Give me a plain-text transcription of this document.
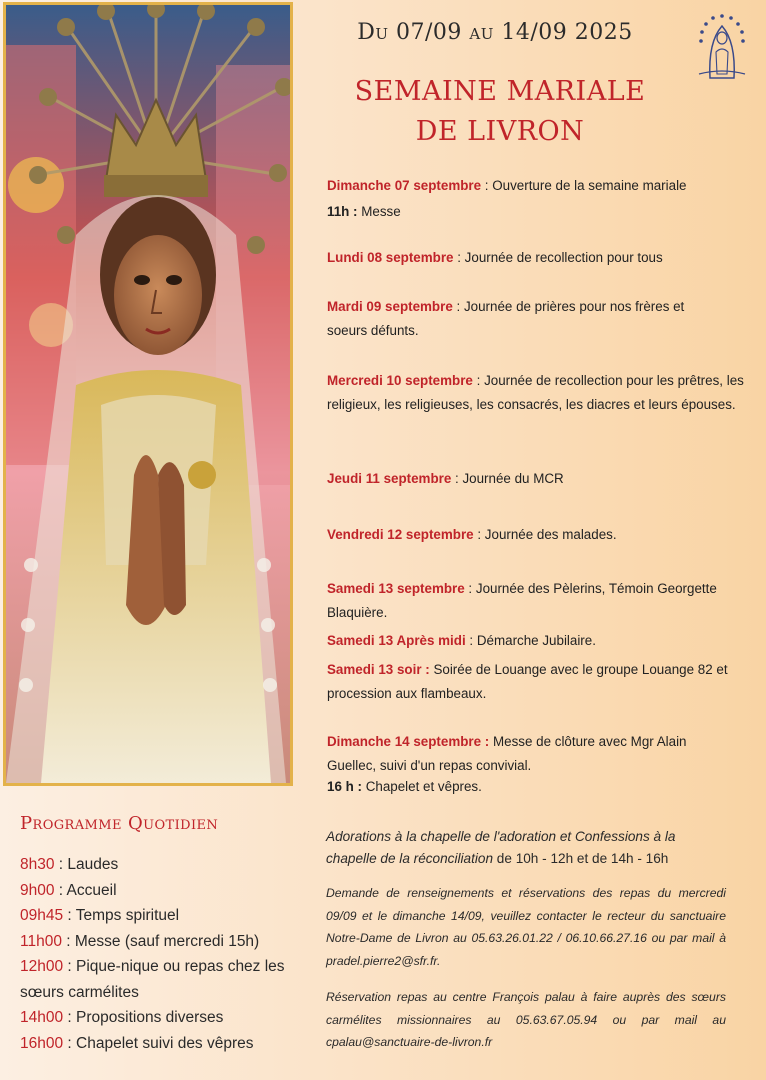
Du 07/09 au 14/09 2025
SEMAINE MARIALE
DE LIVRON
Dimanche 07 septembre : Ouverture de la semaine mariale
11h : Messe
Lundi 08 septembre : Journée de recollection pour tous
Mardi 09 septembre : Journée de prières pour nos frères et soeurs défunts.
Mercredi 10 septembre : Journée de recollection pour les prêtres, les religieux, les religieuses, les consacrés, les diacres et leurs épouses.
Jeudi 11 septembre : Journée du MCR
Vendredi 12 septembre : Journée des malades.
Samedi 13 septembre : Journée des Pèlerins, Témoin Georgette Blaquière.
Samedi 13 Après midi : Démarche Jubilaire.
Samedi 13 soir : Soirée de Louange avec le groupe Louange 82 et procession aux flambeaux.
Dimanche 14 septembre : Messe de clôture avec Mgr Alain Guellec, suivi d'un repas convivial.
16 h : Chapelet et vêpres.
Programme Quotidien
8h30 : Laudes
9h00 : Accueil
09h45 : Temps spirituel
11h00 : Messe (sauf mercredi 15h)
12h00 : Pique-nique ou repas chez les sœurs carmélites
14h00 : Propositions diverses
16h00 : Chapelet suivi des vêpres
Adorations à la chapelle de l'adoration et Confessions à la chapelle de la réconciliation de 10h - 12h et de 14h - 16h
Demande de renseignements et réservations des repas du mercredi 09/09 et le dimanche 14/09, veuillez contacter le recteur du sanctuaire Notre-Dame de Livron au 05.63.26.01.22 / 06.10.66.27.16 ou par mail à pradel.pierre2@sfr.fr.
Réservation repas au centre François palau à faire auprès des sœurs carmélites missionnaires au 05.63.67.05.94 ou par mail au cpalau@sanctuaire-de-livron.fr
